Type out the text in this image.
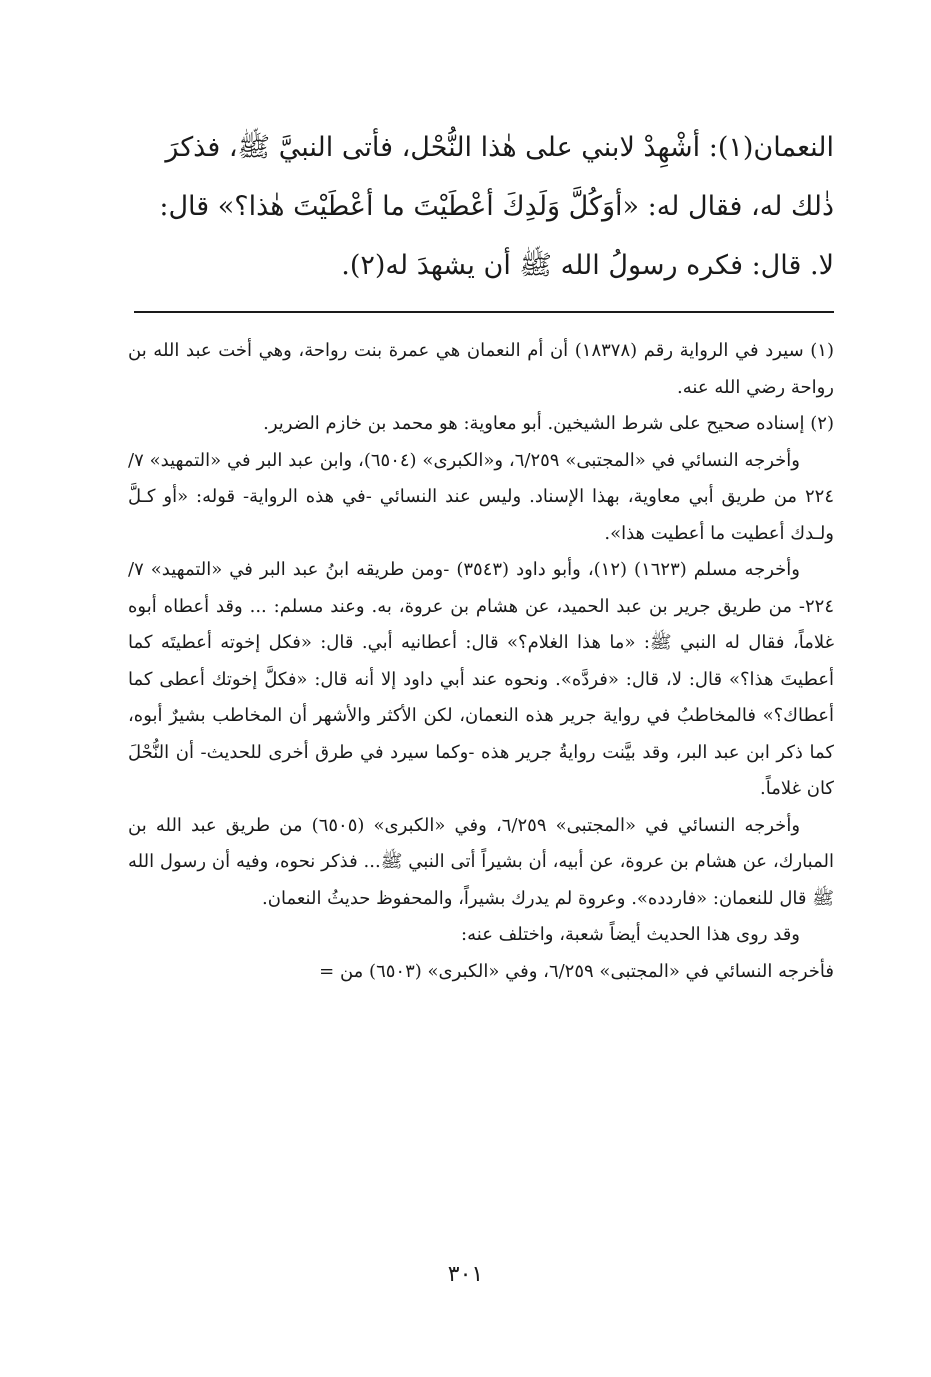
النعمان(١): أشْهِدْ لابني على هٰذا النُّحْل، فأتى النبيَّ ﷺ، فذكرَ

ذٰلك له، فقال له: «أوَكُلَّ وَلَدِكَ أعْطَيْتَ ما أعْطَيْتَ هٰذا؟» قال:

لا. قال: فكره رسولُ الله ﷺ أن يشهدَ له(٢).

(١) سيرد في الرواية رقم (١٨٣٧٨) أن أم النعمان هي عمرة بنت رواحة، وهي أخت عبد الله بن رواحة رضي الله عنه.

(٢) إسناده صحيح على شرط الشيخين. أبو معاوية: هو محمد بن خازم الضرير.

وأخرجه النسائي في «المجتبى» ٦/٢٥٩، و«الكبرى» (٦٥٠٤)، وابن عبد البر في «التمهيد» ٧/ ٢٢٤ من طريق أبي معاوية، بهذا الإسناد. وليس عند النسائي -في هذه الرواية- قوله: «أو كـلَّ ولـدك أعطيت ما أعطيت هذا».

وأخرجه مسلم (١٦٢٣) (١٢)، وأبو داود (٣٥٤٣) -ومن طريقه ابنُ عبد البر في «التمهيد» ٧/ ٢٢٤- من طريق جرير بن عبد الحميد، عن هشام بن عروة، به. وعند مسلم: ... وقد أعطاه أبوه غلاماً، فقال له النبي ﷺ: «ما هذا الغلام؟» قال: أعطانيه أبي. قال: «فكل إخوته أعطيتَه كما أعطيتَ هذا؟» قال: لا، قال: «فردَّه». ونحوه عند أبي داود إلا أنه قال: «فكلَّ إخوتك أعطى كما أعطاك؟» فالمخاطبُ في رواية جرير هذه النعمان، لكن الأكثر والأشهر أن المخاطب بشيرٌ أبوه، كما ذكر ابن عبد البر، وقد بيَّنت روايةُ جرير هذه -وكما سيرد في طرق أخرى للحديث- أن النُّحْلَ كان غلاماً.

وأخرجه النسائي في «المجتبى» ٦/٢٥٩، وفي «الكبرى» (٦٥٠٥) من طريق عبد الله بن المبارك، عن هشام بن عروة، عن أبيه، أن بشيراً أتى النبي ﷺ... فذكر نحوه، وفيه أن رسول الله ﷺ قال للنعمان: «فاردده». وعروة لم يدرك بشيراً، والمحفوظ حديثُ النعمان.

وقد روى هذا الحديث أيضاً شعبة، واختلف عنه:

فأخرجه النسائي في «المجتبى» ٦/٢٥٩، وفي «الكبرى» (٦٥٠٣) من =

٣٠١
